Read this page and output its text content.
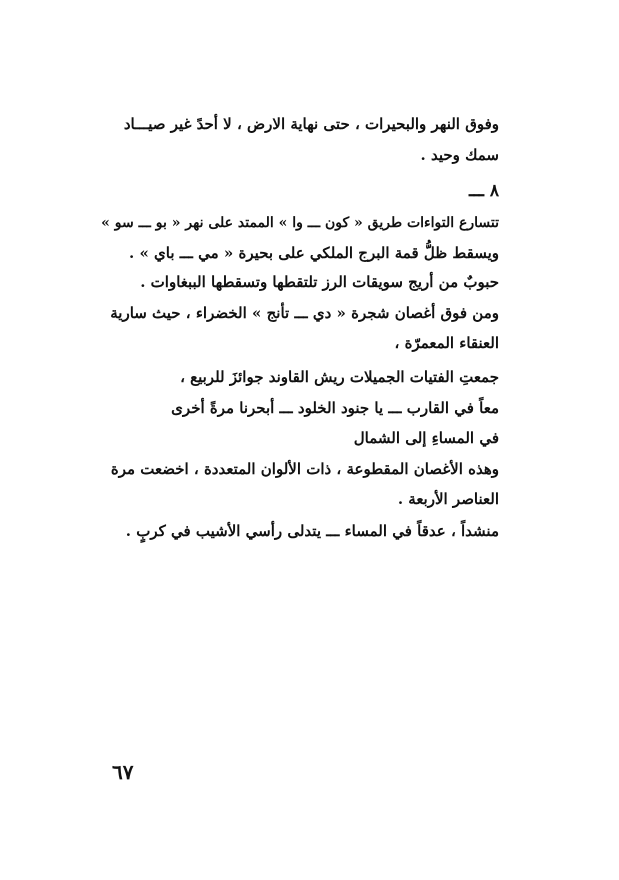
وفوق النهر والبحيرات ، حتى نهاية الارض ، لا أحدً غير صيـــاد
سمك وحيد .
٨ ـــ
تتسارع التواءات طريق « كون ـــ وا » الممتد على نهر « بو ـــ سو »
ويسقط ظلُّ قمة البرج الملكي على بحيرة « مي ـــ باي » .
حبوبٌ من أريج سويقات الرز تلتقطها وتسقطها الببغاوات .
ومن فوق أغصان شجرة « دي ـــ تأنج » الخضراء ، حيث سارية
العنقاء المعمرّة ،
جمعتِ الفتيات الجميلات ريش القاوند جوائزَ للربيع ،
معاً في القارب ـــ يا جنود الخلود ـــ أبحرنا مرةً أخرى
في المساءِ إلى الشمال
وهذه الأغصان المقطوعة ، ذات الألوان المتعددة ، اخضعت مرة
العناصر الأربعة .
منشداً ، عدقاً في المساء ـــ يتدلى رأسي الأشيب في كربٍ .
٦٧
